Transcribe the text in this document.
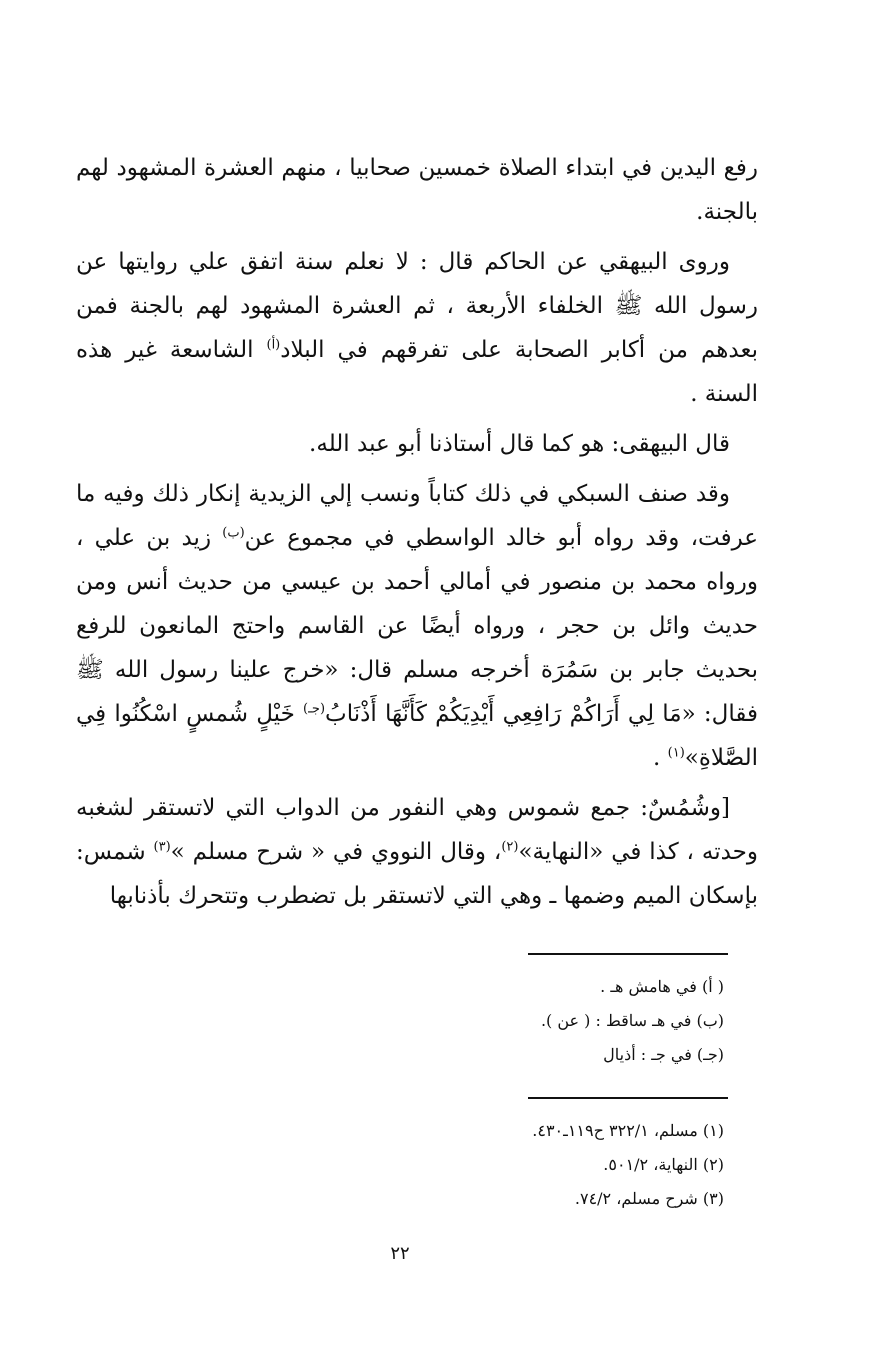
رفع اليدين في ابتداء الصلاة خمسين صحابيا ، منهم العشرة المشهود لهم بالجنة.

وروى البيهقي عن الحاكم قال : لا نعلم سنة اتفق علي روايتها عن رسول الله ﷺ الخلفاء الأربعة ، ثم العشرة المشهود لهم بالجنة فمن بعدهم من أكابر الصحابة على تفرقهم في البلاد$^{(أ)}$ الشاسعة غير هذه السنة .

قال البيهقى: هو كما قال أستاذنا أبو عبد الله.

وقد صنف السبكي في ذلك كتاباً ونسب إلي الزيدية إنكار ذلك وفيه ما عرفت، وقد رواه أبو خالد الواسطي في مجموع عن$^{(ب)}$ زيد بن علي ، ورواه محمد بن منصور في أمالي أحمد بن عيسي من حديث أنس ومن حديث وائل بن حجر ، ورواه أيضًا عن القاسم واحتج المانعون للرفع بحديث جابر بن سَمُرَة أخرجه مسلم قال: «خرج علينا رسول الله ﷺ فقال: «مَا لِي أَرَاكُمْ رَافِعِي أَيْدِيَكُمْ كَأَنَّهَا أَذْنَابُ$^{(جـ)}$ خَيْلٍ شُمسٍ اسْكُنُوا فِي الصَّلاةِ»$^{(١)}$ .

[وشُمُسٌ: جمع شموس وهي النفور من الدواب التي لاتستقر لشغبه وحدته ، كذا في «النهاية»$^{(٢)}$، وقال النووي في « شرح مسلم »$^{(٣)}$ شمس: بإسكان الميم وضمها ـ وهي التي لاتستقر بل تضطرب وتتحرك بأذنابها

( أ) في هامش هـ .
(ب) في هـ ساقط : ( عن ).
(جـ) في جـ : أذيال
(١) مسلم، ٣٢٢/١ ح١١٩ـ٤٣٠.
(٢) النهاية، ٥٠١/٢.
(٣) شرح مسلم، ٧٤/٢.
٢٢
